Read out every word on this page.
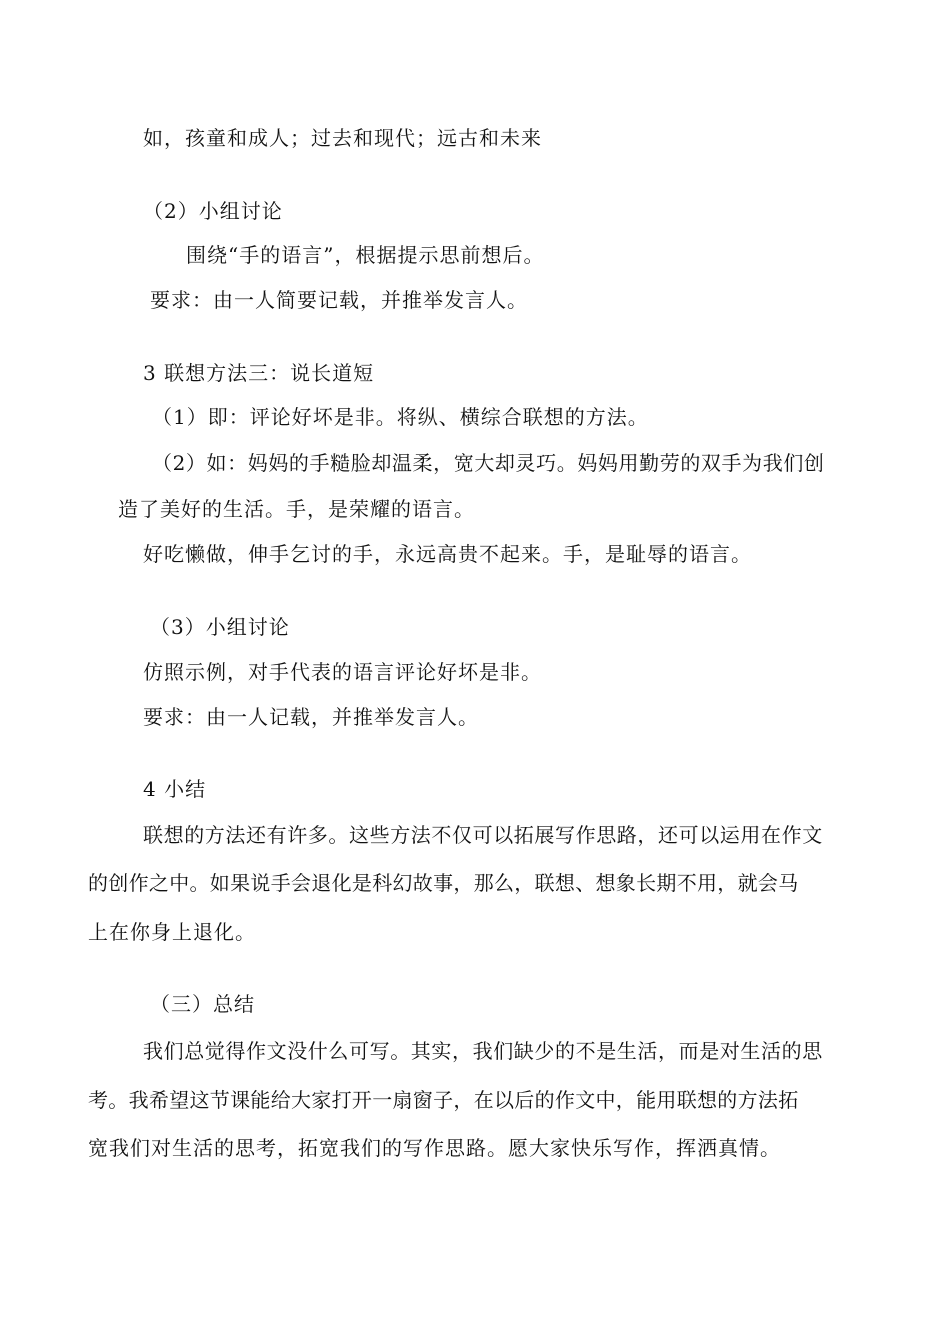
如，孩童和成人；过去和现代；远古和未来
（2）小组讨论
围绕“手的语言”，根据提示思前想后。
要求：由一人简要记载，并推举发言人。
3 联想方法三：说长道短
（1）即：评论好坏是非。将纵、横综合联想的方法。
（2）如：妈妈的手糙脸却温柔，宽大却灵巧。妈妈用勤劳的双手为我们创
造了美好的生活。手，是荣耀的语言。
好吃懒做，伸手乞讨的手，永远高贵不起来。手，是耻辱的语言。
（3）小组讨论
仿照示例，对手代表的语言评论好坏是非。
要求：由一人记载，并推举发言人。
4 小结
联想的方法还有许多。这些方法不仅可以拓展写作思路，还可以运用在作文
的创作之中。如果说手会退化是科幻故事，那么，联想、想象长期不用，就会马
上在你身上退化。
（三）总结
我们总觉得作文没什么可写。其实，我们缺少的不是生活，而是对生活的思
考。我希望这节课能给大家打开一扇窗子，在以后的作文中，能用联想的方法拓
宽我们对生活的思考，拓宽我们的写作思路。愿大家快乐写作，挥洒真情。
